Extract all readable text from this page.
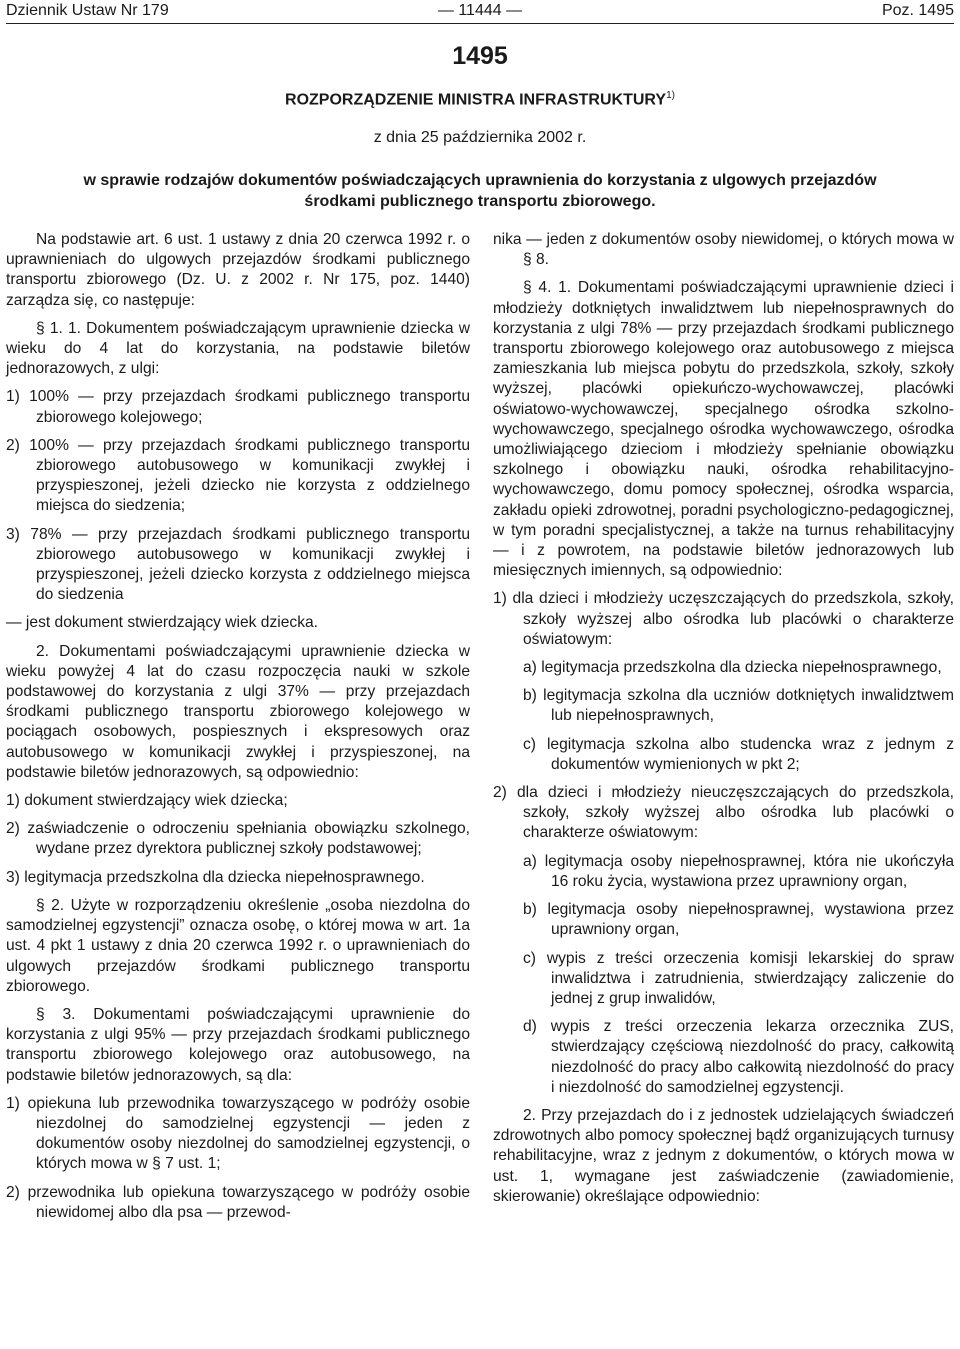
Dziennik Ustaw Nr 179	— 11444 —	Poz. 1495
1495
ROZPORZĄDZENIE MINISTRA INFRASTRUKTURY$^{1)}$
z dnia 25 października 2002 r.
w sprawie rodzajów dokumentów poświadczających uprawnienia do korzystania z ulgowych przejazdów
środkami publicznego transportu zbiorowego.

Na podstawie art. 6 ust. 1 ustawy z dnia 20 czerwca 1992 r. o uprawnieniach do ulgowych przejazdów środkami publicznego transportu zbiorowego (Dz. U. z 2002 r. Nr 175, poz. 1440) zarządza się, co następuje:

§ 1. 1. Dokumentem poświadczającym uprawnienie dziecka w wieku do 4 lat do korzystania, na podstawie biletów jednorazowych, z ulgi:

1) 100% — przy przejazdach środkami publicznego transportu zbiorowego kolejowego;

2) 100% — przy przejazdach środkami publicznego transportu zbiorowego autobusowego w komunikacji zwykłej i przyspieszonej, jeżeli dziecko nie korzysta z oddzielnego miejsca do siedzenia;

3) 78% — przy przejazdach środkami publicznego transportu zbiorowego autobusowego w komunikacji zwykłej i przyspieszonej, jeżeli dziecko korzysta z oddzielnego miejsca do siedzenia

— jest dokument stwierdzający wiek dziecka.

2. Dokumentami poświadczającymi uprawnienie dziecka w wieku powyżej 4 lat do czasu rozpoczęcia nauki w szkole podstawowej do korzystania z ulgi 37% — przy przejazdach środkami publicznego transportu zbiorowego kolejowego w pociągach osobowych, pospiesznych i ekspresowych oraz autobusowego w komunikacji zwykłej i przyspieszonej, na podstawie biletów jednorazowych, są odpowiednio:

1) dokument stwierdzający wiek dziecka;

2) zaświadczenie o odroczeniu spełniania obowiązku szkolnego, wydane przez dyrektora publicznej szkoły podstawowej;

3) legitymacja przedszkolna dla dziecka niepełnosprawnego.

§ 2. Użyte w rozporządzeniu określenie „osoba niezdolna do samodzielnej egzystencji” oznacza osobę, o której mowa w art. 1a ust. 4 pkt 1 ustawy z dnia 20 czerwca 1992 r. o uprawnieniach do ulgowych przejazdów środkami publicznego transportu zbiorowego.

§ 3. Dokumentami poświadczającymi uprawnienie do korzystania z ulgi 95% — przy przejazdach środkami publicznego transportu zbiorowego kolejowego oraz autobusowego, na podstawie biletów jednorazowych, są dla:

1) opiekuna lub przewodnika towarzyszącego w podróży osobie niezdolnej do samodzielnej egzystencji — jeden z dokumentów osoby niezdolnej do samodzielnej egzystencji, o których mowa w § 7 ust. 1;

2) przewodnika lub opiekuna towarzyszącego w podróży osobie niewidomej albo dla psa — przewod-

nika — jeden z dokumentów osoby niewidomej, o których mowa w § 8.

§ 4. 1. Dokumentami poświadczającymi uprawnienie dzieci i młodzieży dotkniętych inwalidztwem lub niepełnosprawnych do korzystania z ulgi 78% — przy przejazdach środkami publicznego transportu zbiorowego kolejowego oraz autobusowego z miejsca zamieszkania lub miejsca pobytu do przedszkola, szkoły, szkoły wyższej, placówki opiekuńczo-wychowawczej, placówki oświatowo-wychowawczej, specjalnego ośrodka szkolno-wychowawczego, specjalnego ośrodka wychowawczego, ośrodka umożliwiającego dzieciom i młodzieży spełnianie obowiązku szkolnego i obowiązku nauki, ośrodka rehabilitacyjno-wychowawczego, domu pomocy społecznej, ośrodka wsparcia, zakładu opieki zdrowotnej, poradni psychologiczno-pedagogicznej, w tym poradni specjalistycznej, a także na turnus rehabilitacyjny — i z powrotem, na podstawie biletów jednorazowych lub miesięcznych imiennych, są odpowiednio:

1) dla dzieci i młodzieży uczęszczających do przedszkola, szkoły, szkoły wyższej albo ośrodka lub placówki o charakterze oświatowym:

a) legitymacja przedszkolna dla dziecka niepełnosprawnego,

b) legitymacja szkolna dla uczniów dotkniętych inwalidztwem lub niepełnosprawnych,

c) legitymacja szkolna albo studencka wraz z jednym z dokumentów wymienionych w pkt 2;

2) dla dzieci i młodzieży nieuczęszczających do przedszkola, szkoły, szkoły wyższej albo ośrodka lub placówki o charakterze oświatowym:

a) legitymacja osoby niepełnosprawnej, która nie ukończyła 16 roku życia, wystawiona przez uprawniony organ,

b) legitymacja osoby niepełnosprawnej, wystawiona przez uprawniony organ,

c) wypis z treści orzeczenia komisji lekarskiej do spraw inwalidztwa i zatrudnienia, stwierdzający zaliczenie do jednej z grup inwalidów,

d) wypis z treści orzeczenia lekarza orzecznika ZUS, stwierdzający częściową niezdolność do pracy, całkowitą niezdolność do pracy albo całkowitą niezdolność do pracy i niezdolność do samodzielnej egzystencji.

2. Przy przejazdach do i z jednostek udzielających świadczeń zdrowotnych albo pomocy społecznej bądź organizujących turnusy rehabilitacyjne, wraz z jednym z dokumentów, o których mowa w ust. 1, wymagane jest zaświadczenie (zawiadomienie, skierowanie) określające odpowiednio:
